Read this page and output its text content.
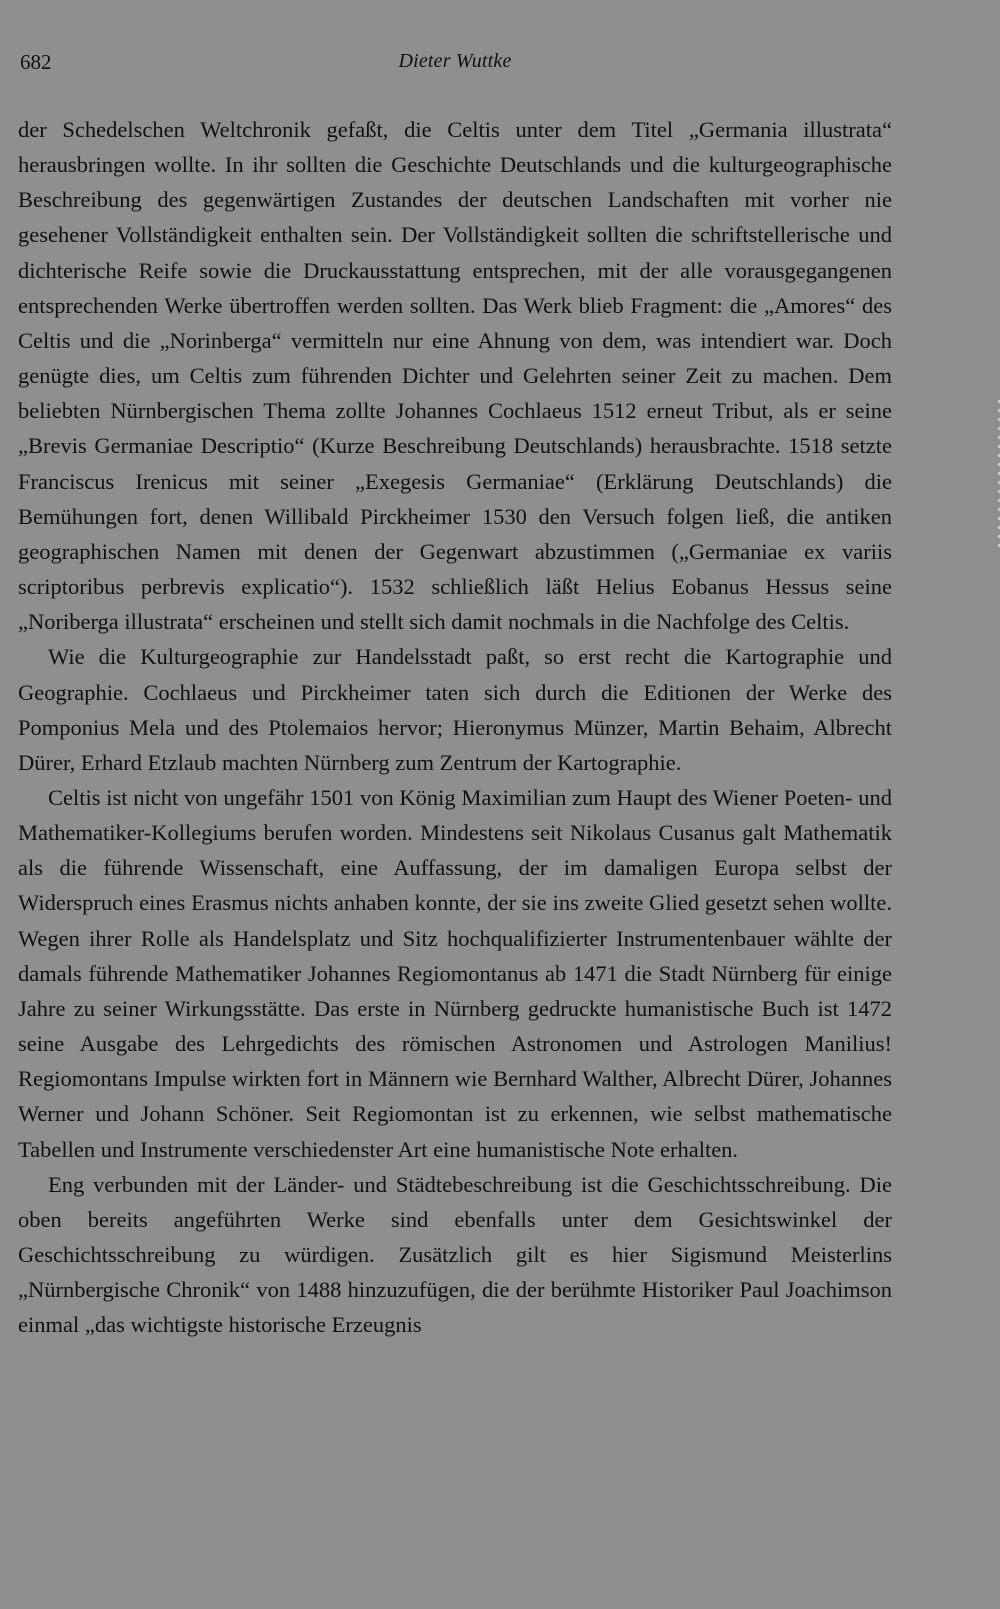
682	Dieter Wuttke

der Schedelschen Weltchronik gefaßt, die Celtis unter dem Titel „Germania illustrata“ herausbringen wollte. In ihr sollten die Geschichte Deutschlands und die kulturgeographische Beschreibung des gegenwärtigen Zustandes der deutschen Landschaften mit vorher nie gesehener Vollständigkeit enthalten sein. Der Vollständigkeit sollten die schriftstellerische und dichterische Reife sowie die Druckausstattung entsprechen, mit der alle vorausgegangenen entsprechenden Werke übertroffen werden sollten. Das Werk blieb Fragment: die „Amores“ des Celtis und die „Norinberga“ vermitteln nur eine Ahnung von dem, was intendiert war. Doch genügte dies, um Celtis zum führenden Dichter und Gelehrten seiner Zeit zu machen. Dem beliebten Nürnbergischen Thema zollte Johannes Cochlaeus 1512 erneut Tribut, als er seine „Brevis Germaniae Descriptio“ (Kurze Beschreibung Deutschlands) herausbrachte. 1518 setzte Franciscus Irenicus mit seiner „Exegesis Germaniae“ (Erklärung Deutschlands) die Bemühungen fort, denen Willibald Pirckheimer 1530 den Versuch folgen ließ, die antiken geographischen Namen mit denen der Gegenwart abzustimmen („Germaniae ex variis scriptoribus perbrevis explicatio“). 1532 schließlich läßt Helius Eobanus Hessus seine „Noriberga illustrata“ erscheinen und stellt sich damit nochmals in die Nachfolge des Celtis.

Wie die Kulturgeographie zur Handelsstadt paßt, so erst recht die Kartographie und Geographie. Cochlaeus und Pirckheimer taten sich durch die Editionen der Werke des Pomponius Mela und des Ptolemaios hervor; Hieronymus Münzer, Martin Behaim, Albrecht Dürer, Erhard Etzlaub machten Nürnberg zum Zentrum der Kartographie.

Celtis ist nicht von ungefähr 1501 von König Maximilian zum Haupt des Wiener Poeten- und Mathematiker-Kollegiums berufen worden. Mindestens seit Nikolaus Cusanus galt Mathematik als die führende Wissenschaft, eine Auffassung, der im damaligen Europa selbst der Widerspruch eines Erasmus nichts anhaben konnte, der sie ins zweite Glied gesetzt sehen wollte. Wegen ihrer Rolle als Handelsplatz und Sitz hochqualifizierter Instrumentenbauer wählte der damals führende Mathematiker Johannes Regiomontanus ab 1471 die Stadt Nürnberg für einige Jahre zu seiner Wirkungsstätte. Das erste in Nürnberg gedruckte humanistische Buch ist 1472 seine Ausgabe des Lehrgedichts des römischen Astronomen und Astrologen Manilius! Regiomontans Impulse wirkten fort in Männern wie Bernhard Walther, Albrecht Dürer, Johannes Werner und Johann Schöner. Seit Regiomontan ist zu erkennen, wie selbst mathematische Tabellen und Instrumente verschiedenster Art eine humanistische Note erhalten.

Eng verbunden mit der Länder- und Städtebeschreibung ist die Geschichtsschreibung. Die oben bereits angeführten Werke sind ebenfalls unter dem Gesichtswinkel der Geschichtsschreibung zu würdigen. Zusätzlich gilt es hier Sigismund Meisterlins „Nürnbergische Chronik“ von 1488 hinzuzufügen, die der berühmte Historiker Paul Joachimson einmal „das wichtigste historische Erzeugnis
